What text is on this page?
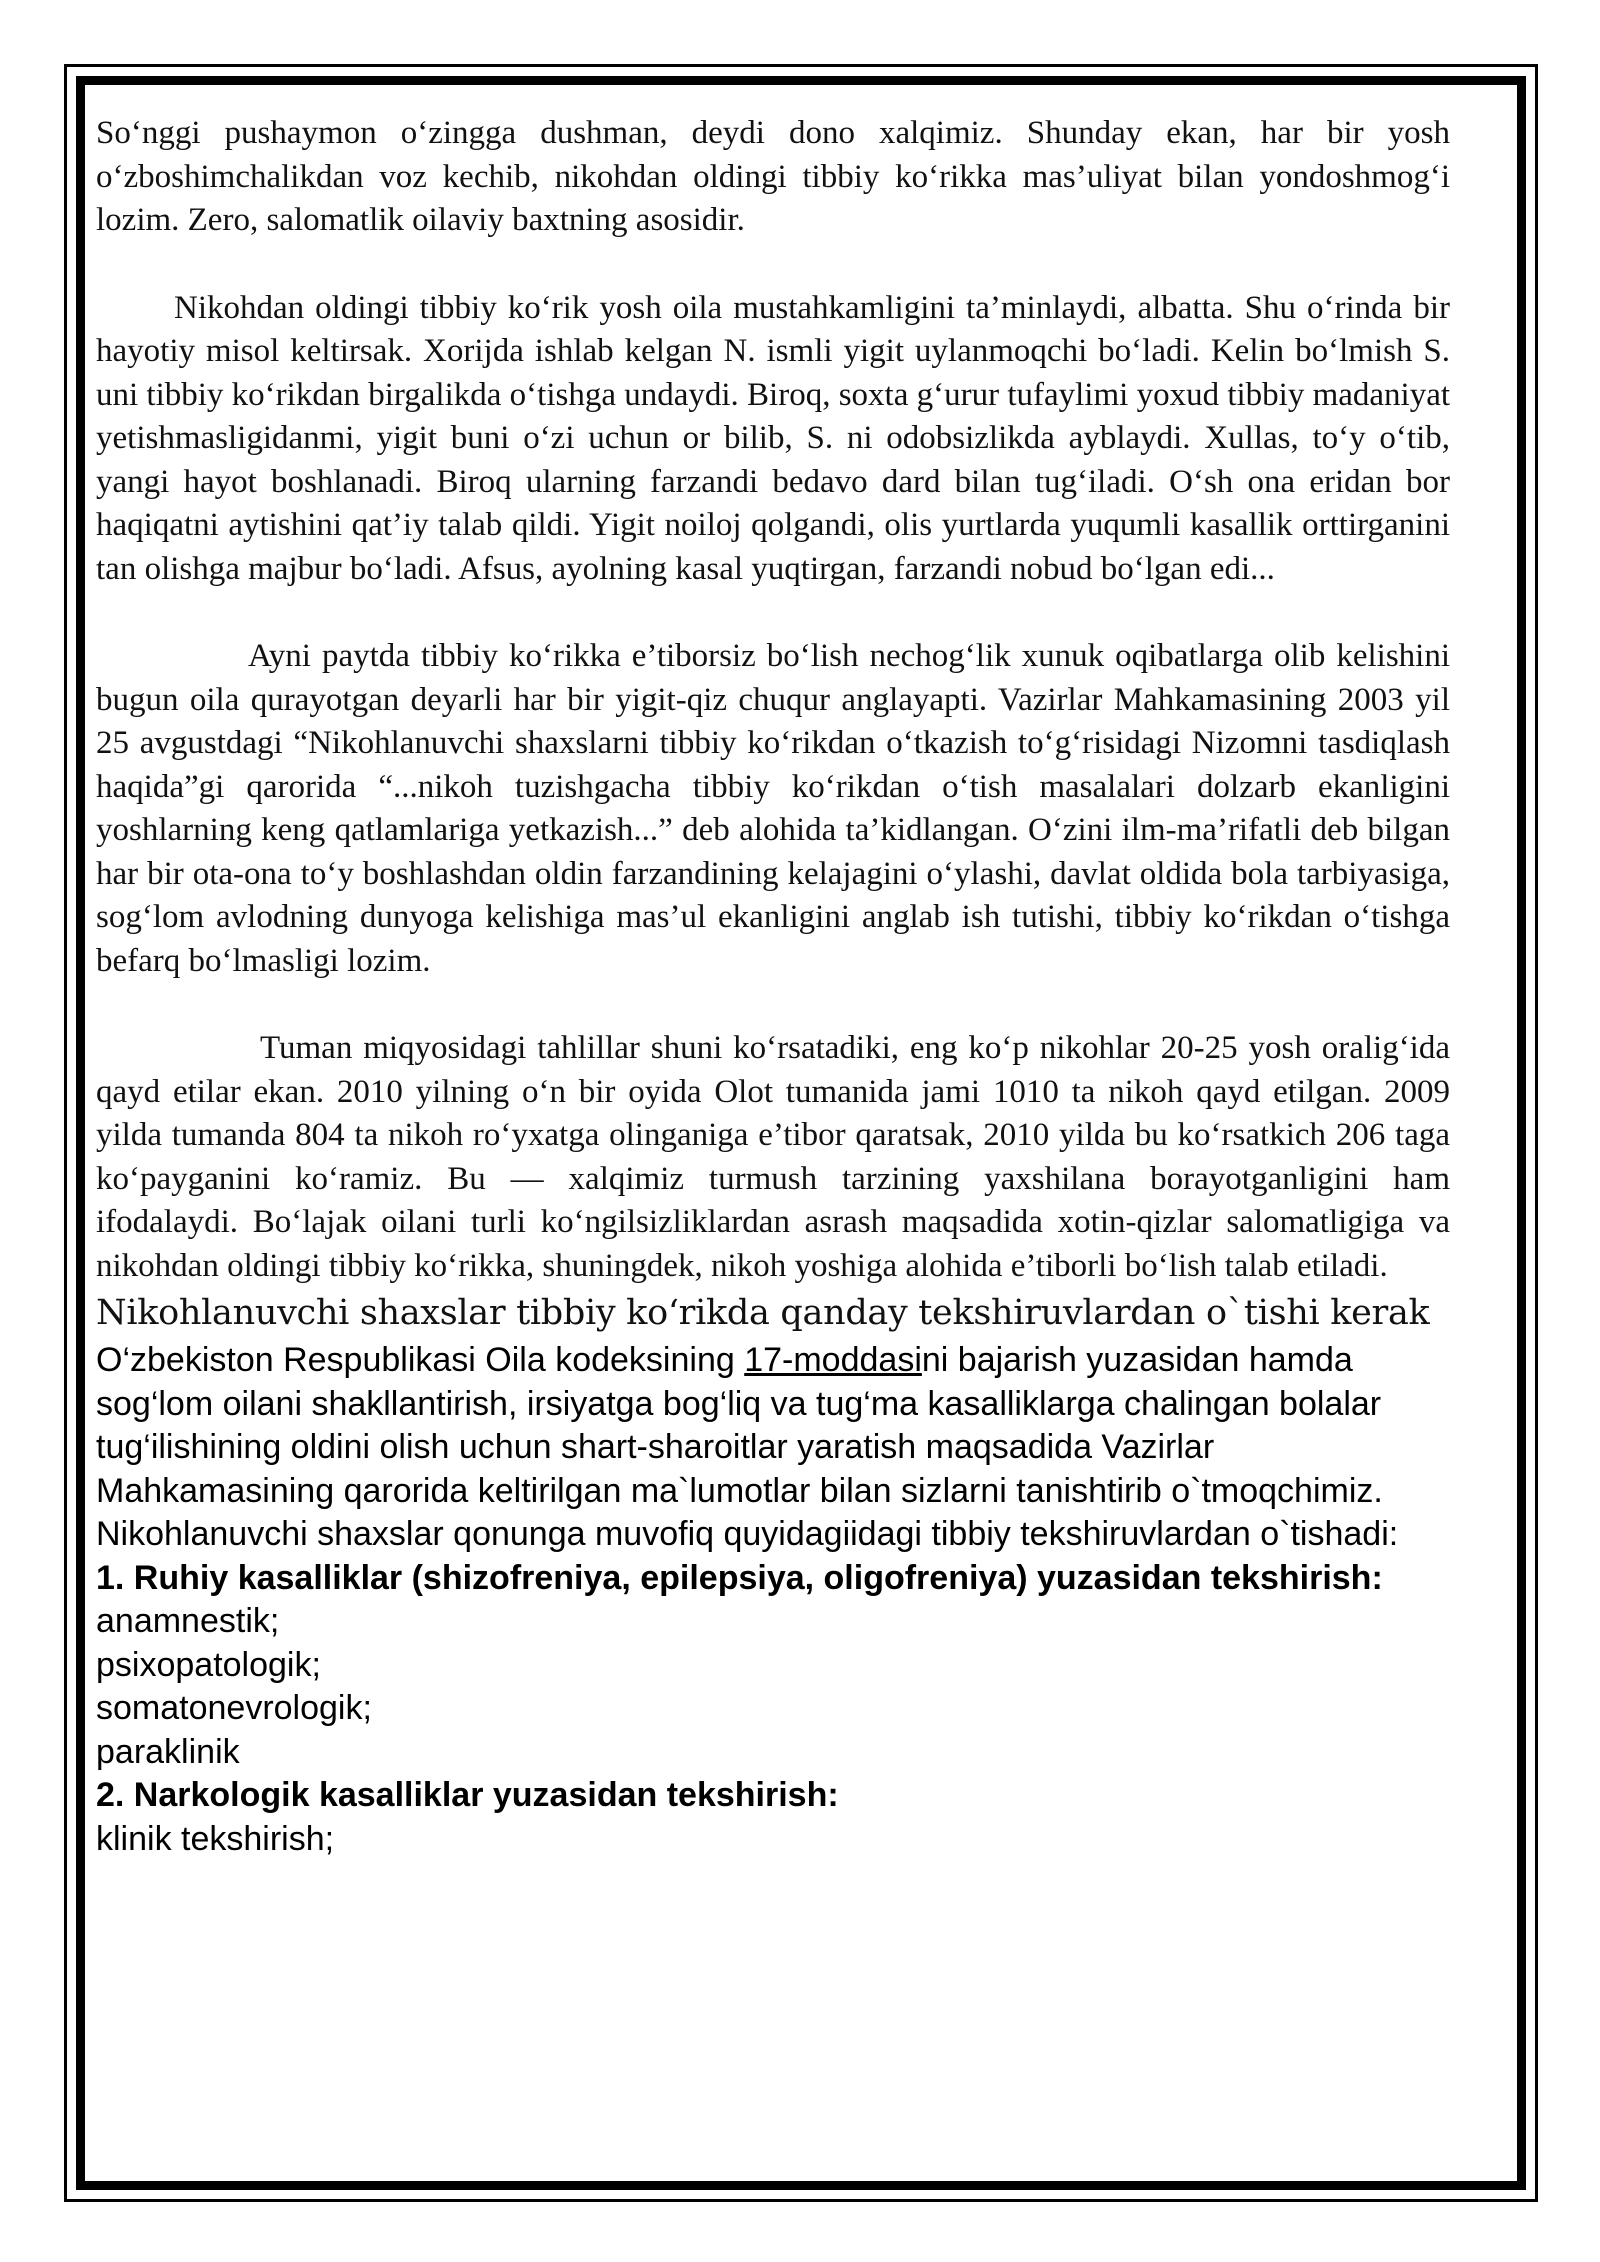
So‘nggi pushaymon o‘zingga dushman, deydi dono xalqimiz. Shunday ekan, har bir yosh o‘zboshimchalikdan voz kechib, nikohdan oldingi tibbiy ko‘rikka mas’uliyat bilan yondoshmog‘i lozim. Zero, salomatlik oilaviy baxtning asosidir.

Nikohdan oldingi tibbiy ko‘rik yosh oila mustahkamligini ta’minlaydi, albatta. Shu o‘rinda bir hayotiy misol keltirsak. Xorijda ishlab kelgan N. ismli yigit uylanmoqchi bo‘ladi. Kelin bo‘lmish S. uni tibbiy ko‘rikdan birgalikda o‘tishga undaydi. Biroq, soxta g‘urur tufaylimi yoxud tibbiy madaniyat yetishmasligidanmi, yigit buni o‘zi uchun or bilib, S. ni odobsizlikda ayblaydi. Xullas, to‘y o‘tib, yangi hayot boshlanadi. Biroq ularning farzandi bedavo dard bilan tug‘iladi. O‘sh ona eridan bor haqiqatni aytishini qat’iy talab qildi. Yigit noiloj qolgandi, olis yurtlarda yuqumli kasallik orttirganini tan olishga majbur bo‘ladi. Afsus, ayolning kasal yuqtirgan, farzandi nobud bo‘lgan edi...

Ayni paytda tibbiy ko‘rikka e’tiborsiz bo‘lish nechog‘lik xunuk oqibatlarga olib kelishini bugun oila qurayotgan deyarli har bir yigit-qiz chuqur anglayapti. Vazirlar Mahkamasining 2003 yil 25 avgustdagi “Nikohlanuvchi shaxslarni tibbiy ko‘rikdan o‘tkazish to‘g‘risidagi Nizomni tasdiqlash haqida”gi qarorida “...nikoh tuzishgacha tibbiy ko‘rikdan o‘tish masalalari dolzarb ekanligini yoshlarning keng qatlamlariga yetkazish...” deb alohida ta’kidlangan. O‘zini ilm-ma’rifatli deb bilgan har bir ota-ona to‘y boshlashdan oldin farzandining kelajagini o‘ylashi, davlat oldida bola tarbiyasiga, sog‘lom avlodning dunyoga kelishiga mas’ul ekanligini anglab ish tutishi, tibbiy ko‘rikdan o‘tishga befarq bo‘lmasligi lozim.

Tuman miqyosidagi tahlillar shuni ko‘rsatadiki, eng ko‘p nikohlar 20-25 yosh oralig‘ida qayd etilar ekan. 2010 yilning o‘n bir oyida Olot tumanida jami 1010 ta nikoh qayd etilgan. 2009 yilda tumanda 804 ta nikoh ro‘yxatga olinganiga e’tibor qaratsak, 2010 yilda bu ko‘rsatkich 206 taga ko‘payganini ko‘ramiz. Bu — xalqimiz turmush tarzining yaxshilana borayotganligini ham ifodalaydi. Bo‘lajak oilani turli ko‘ngilsizliklardan asrash maqsadida xotin-qizlar salomatligiga va nikohdan oldingi tibbiy ko‘rikka, shuningdek, nikoh yoshiga alohida e’tiborli bo‘lish talab etiladi.

Nikohlanuvchi shaxslar tibbiy ko‘rikda qanday tekshiruvlardan o`tishi kerak

O‘zbekiston Respublikasi Oila kodeksining 17-moddasini bajarish yuzasidan hamda sog‘lom oilani shakllantirish, irsiyatga bog‘liq va tug‘ma kasalliklarga chalingan bolalar tug‘ilishining oldini olish uchun shart-sharoitlar yaratish maqsadida Vazirlar Mahkamasining qarorida keltirilgan ma`lumotlar bilan sizlarni tanishtirib o`tmoqchimiz. Nikohlanuvchi shaxslar qonunga muvofiq quyidagiidagi tibbiy tekshiruvlardan o`tishadi:

1. Ruhiy kasalliklar (shizofreniya, epilepsiya, oligofreniya) yuzasidan tekshirish:

anamnestik;
psixopatologik;
somatonevrologik;
paraklinik

2. Narkologik kasalliklar yuzasidan tekshirish:

klinik tekshirish;
